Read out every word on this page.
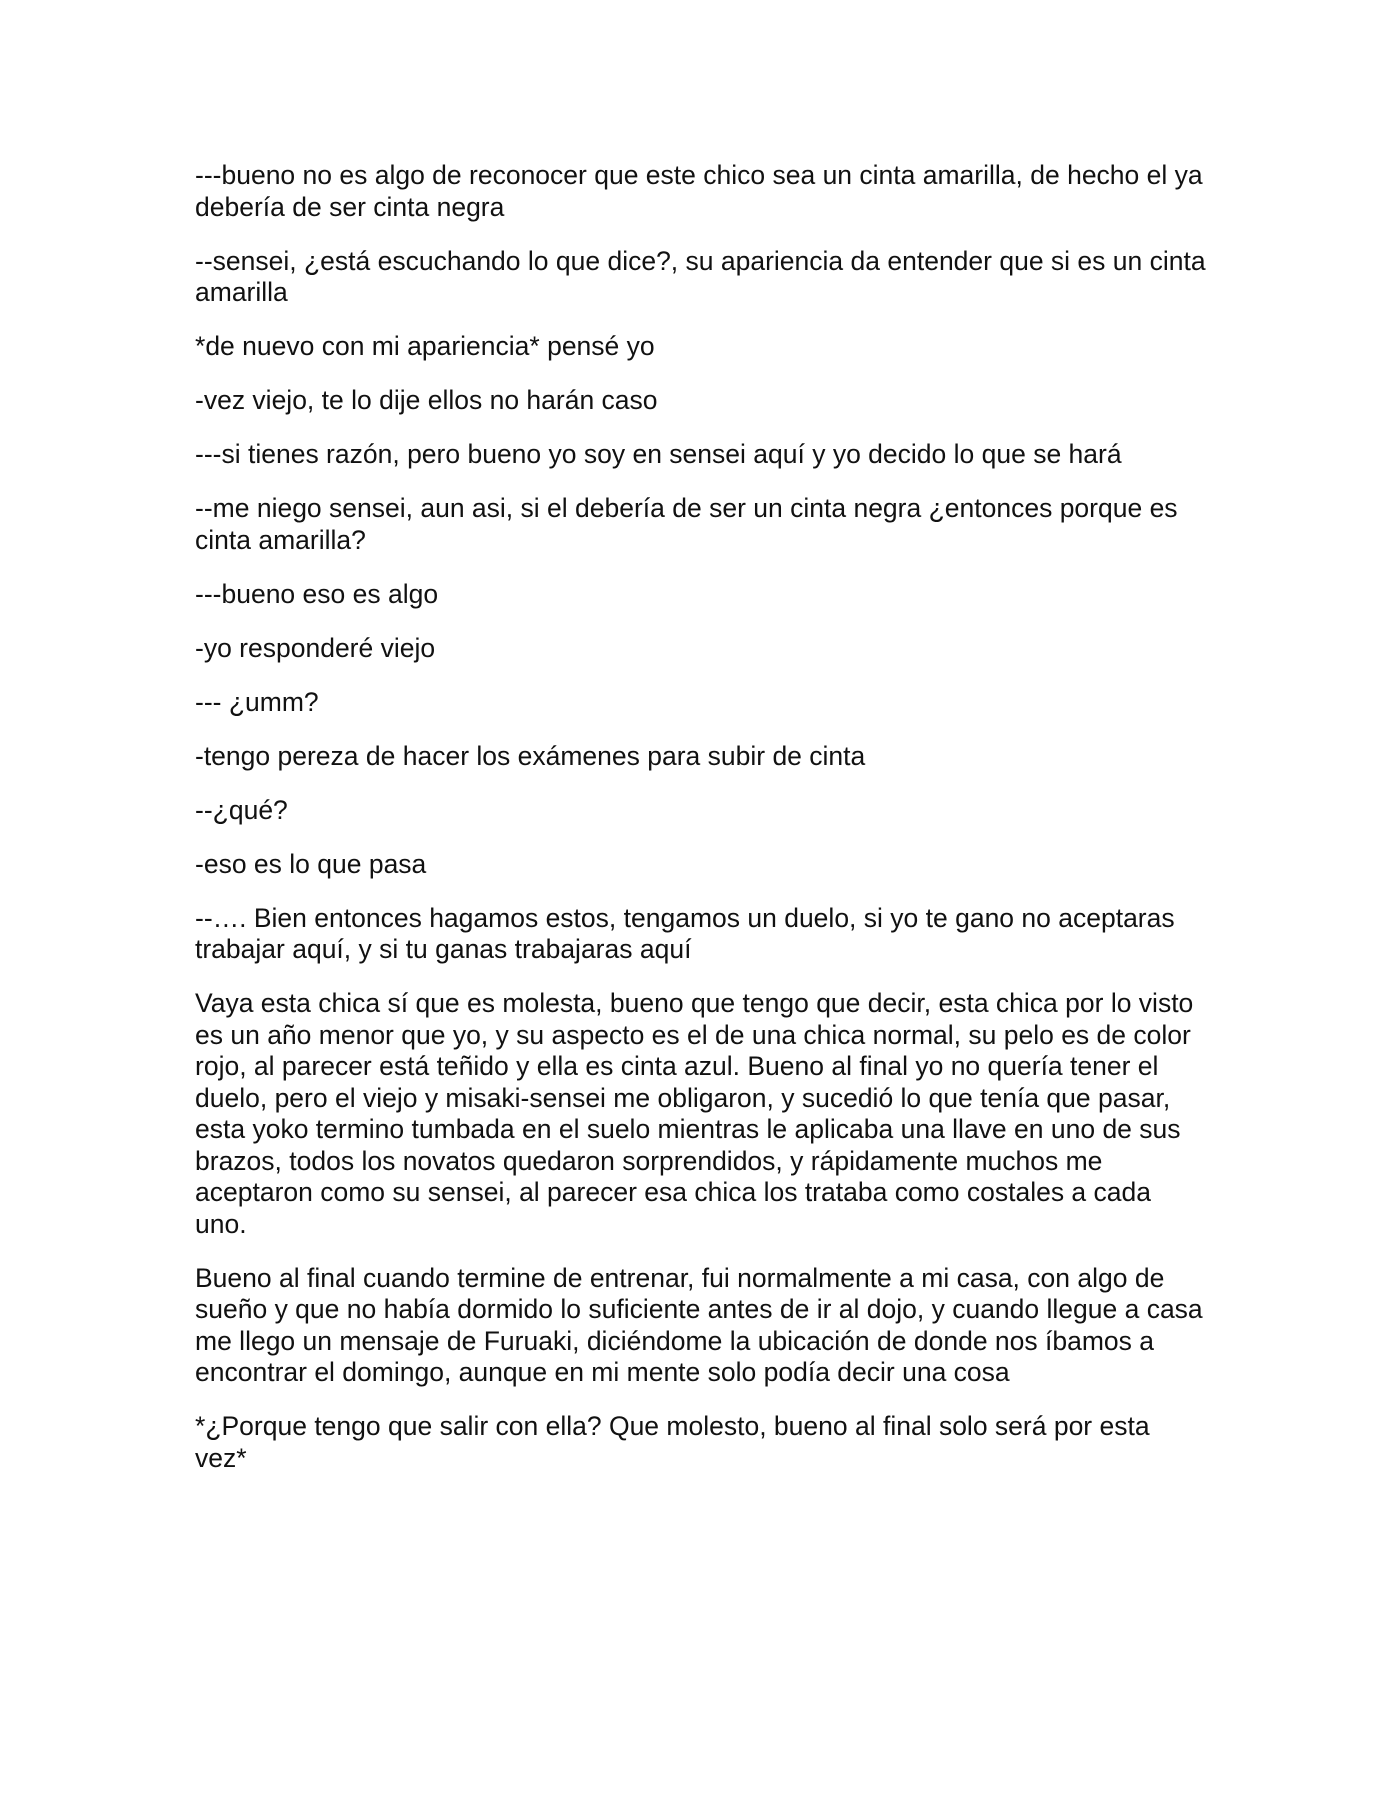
---bueno no es algo de reconocer que este chico sea un cinta amarilla, de hecho el ya debería de ser cinta negra

--sensei, ¿está escuchando lo que dice?, su apariencia da entender que si es un cinta amarilla

*de nuevo con mi apariencia* pensé yo

-vez viejo, te lo dije ellos no harán caso

---si tienes razón, pero bueno yo soy en sensei aquí y yo decido lo que se hará

--me niego sensei, aun asi, si el debería de ser un cinta negra ¿entonces porque es cinta amarilla?

---bueno eso es algo

-yo responderé viejo

--- ¿umm?

-tengo pereza de hacer los exámenes para subir de cinta

--¿qué?

-eso es lo que pasa

--…. Bien entonces hagamos estos, tengamos un duelo, si yo te gano no aceptaras trabajar aquí, y si tu ganas trabajaras aquí

Vaya esta chica sí que es molesta, bueno que tengo que decir, esta chica por lo visto es un año menor que yo, y su aspecto es el de una chica normal, su pelo es de color rojo, al parecer está teñido y ella es cinta azul. Bueno al final yo no quería tener el duelo, pero el viejo y misaki-sensei me obligaron, y sucedió lo que tenía que pasar, esta yoko termino tumbada en el suelo mientras le aplicaba una llave en uno de sus brazos, todos los novatos quedaron sorprendidos, y rápidamente muchos me aceptaron como su sensei, al parecer esa chica los trataba como costales a cada uno.

Bueno al final cuando termine de entrenar, fui normalmente a mi casa, con algo de sueño y que no había dormido lo suficiente antes de ir al dojo, y cuando llegue a casa me llego un mensaje de Furuaki, diciéndome la ubicación de donde nos íbamos a encontrar el domingo, aunque en mi mente solo podía decir una cosa

*¿Porque tengo que salir con ella? Que molesto, bueno al final solo será por esta vez*
